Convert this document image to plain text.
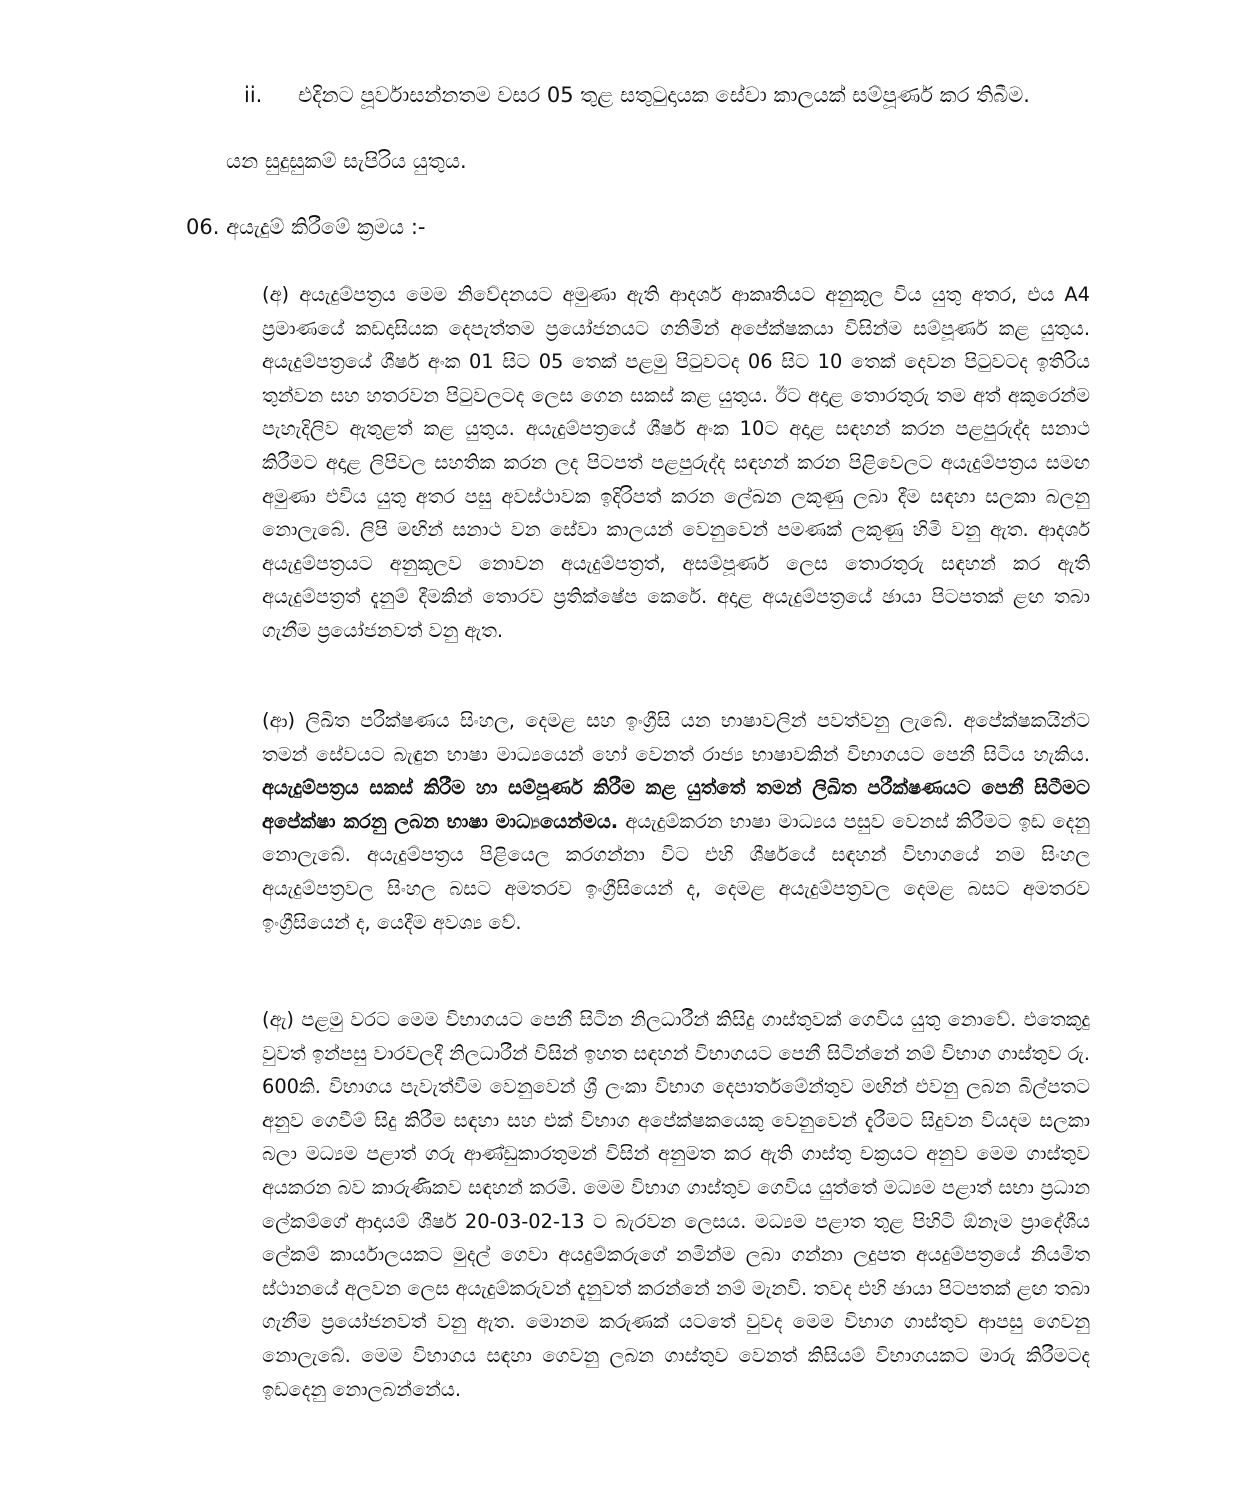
ii. එදිනට පූර්වාසන්නතම වසර 05 තුළ සතුටුදායක සේවා කාලයක් සම්පූර්ණ කර තිබීම.
යන සුදුසුකම් සැපිරිය යුතුය.
06. අයැදුම් කිරීමේ ක්‍රමය :-

(අ) අයැදුම්පත්‍රය මෙම නිවේදනයට අමුණා ඇති ආදර්ශ ආකෘතියට අනුකූල විය යුතු අතර, එය A4 ප්‍රමාණයේ කඩදාසියක දෙපැත්තම ප්‍රයෝජනයට ගනිමින් අපේක්ෂකයා විසින්ම සම්පූර්ණ කළ යුතුය. අයැදුම්පත්‍රයේ ශීර්ෂ අංක 01 සිට 05 තෙක් පළමු පිටුවටද 06 සිට 10 තෙක් දෙවන පිටුවටද ඉතිරිය තුන්වන සහ හතරවන පිටුවලටද ලෙස ගෙන සකස් කළ යුතුය. ඊට අදාළ තොරතුරු තම අත් අකුරෙන්ම පැහැදිලිව ඇතුළත් කළ යුතුය. අයැදුම්පත්‍රයේ ශීර්ෂ අංක 10ට අදාළ සඳහන් කරන පළපුරුද්ද සනාථ කිරීමට අදාළ ලිපිවල සහතික කරන ලද පිටපත් පළපුරුද්ද සඳහන් කරන පිළිවෙලට අයැදුම්පත්‍රය සමඟ අමුණා එවිය යුතු අතර පසු අවස්ථාවක ඉදිරිපත් කරන ලේඛන ලකුණු ලබා දීම සඳහා සලකා බලනු නොලැබේ. ලිපි මඟින් සනාථ වන සේවා කාලයන් වෙනුවෙන් පමණක් ලකුණු හිමි වනු ඇත. ආදර්ශ අයැදුම්පත්‍රයට අනුකූලව නොවන අයැදුම්පත්‍රත්, අසම්පූර්ණ ලෙස තොරතුරු සඳහන් කර ඇති අයැදුම්පත්‍රත් දැනුම් දීමකින් තොරව ප්‍රතික්ෂේප කෙරේ. අදාළ අයැදුම්පත්‍රයේ ඡායා පිටපතක් ළඟ තබා ගැනීම ප්‍රයෝජනවත් වනු ඇත.

(ආ) ලිඛිත පරීක්ෂණය සිංහල, දෙමළ සහ ඉංග්‍රීසි යන භාෂාවලින් පවත්වනු ලැබේ. අපේක්ෂකයින්ට තමන් සේවයට බැඳුන භාෂා මාධ්‍යයෙන් හෝ වෙනත් රාජ්‍ය භාෂාවකින් විභාගයට පෙනී සිටිය හැකිය. අයැදුම්පත්‍රය සකස් කිරීම හා සම්පූර්ණ කිරීම කළ යුත්තේ තමන් ලිඛිත පරීක්ෂණයට පෙනී සිටීමට අපේක්ෂා කරනු ලබන භාෂා මාධ්‍යයෙන්මය. අයැදුම්කරන භාෂා මාධ්‍යය පසුව වෙනස් කිරීමට ඉඩ දෙනු නොලැබේ. අයැදුම්පත්‍රය පිළියෙල කරගන්නා විට එහි ශීර්ෂයේ සඳහන් විභාගයේ නම සිංහල අයැදුම්පත්‍රවල සිංහල බසට අමතරව ඉංග්‍රීසියෙන් ද, දෙමළ අයැදුම්පත්‍රවල දෙමළ බසට අමතරව ඉංග්‍රීසියෙන් ද, යෙදීම අවශ්‍ය වේ.

(ඇ) පළමු වරට මෙම විභාගයට පෙනී සිටින නිලධාරීන් කිසිදු ගාස්තුවක් ගෙවිය යුතු නොවේ. එතෙකුදු වුවත් ඉන්පසු වාරවලදී නිලධාරීන් විසින් ඉහත සඳහන් විභාගයට පෙනී සිටින්නේ නම් විභාග ගාස්තුව රු. 600කි. විභාගය පැවැත්වීම වෙනුවෙන් ශ්‍රී ලංකා විභාග දෙපාර්තමේන්තුව මඟින් එවනු ලබන බිල්පතට අනුව ගෙවීම් සිදු කිරීම සඳහා සහ එක් විභාග අපේක්ෂකයෙකු වෙනුවෙන් දැරීමට සිදුවන වියදම සලකා බලා මධ්‍යම පළාත් ගරු ආණ්ඩුකාරතුමන් විසින් අනුමත කර ඇති ගාස්තු චක්‍රයට අනුව මෙම ගාස්තුව අයකරන බව කාරුණිකව සඳහන් කරමි. මෙම විභාග ගාස්තුව ගෙවිය යුත්තේ මධ්‍යම පළාත් සභා ප්‍රධාන ලේකම්ගේ ආදායම් ශීර්ෂ 20-03-02-13 ට බැරවන ලෙසය. මධ්‍යම පළාත තුළ පිහිටි ඕනෑම ප්‍රාදේශීය ලේකම් කාර්යාලයකට මුදල් ගෙවා අයදුම්කරුගේ නමින්ම ලබා ගන්නා ලදුපත අයදුම්පත්‍රයේ නියමිත ස්ථානයේ අලවන ලෙස අයැදුම්කරුවන් දැනුවත් කරන්නේ නම් මැනවි. තවද එහි ඡායා පිටපතක් ළඟ තබා ගැනීම ප්‍රයෝජනවත් වනු ඇත. මොනම කරුණක් යටතේ වුවද මෙම විභාග ගාස්තුව ආපසු ගෙවනු නොලැබේ. මෙම විභාගය සඳහා ගෙවනු ලබන ගාස්තුව වෙනත් කිසියම් විභාගයකට මාරු කිරීමටද ඉඩදෙනු නොලබන්නේය.
